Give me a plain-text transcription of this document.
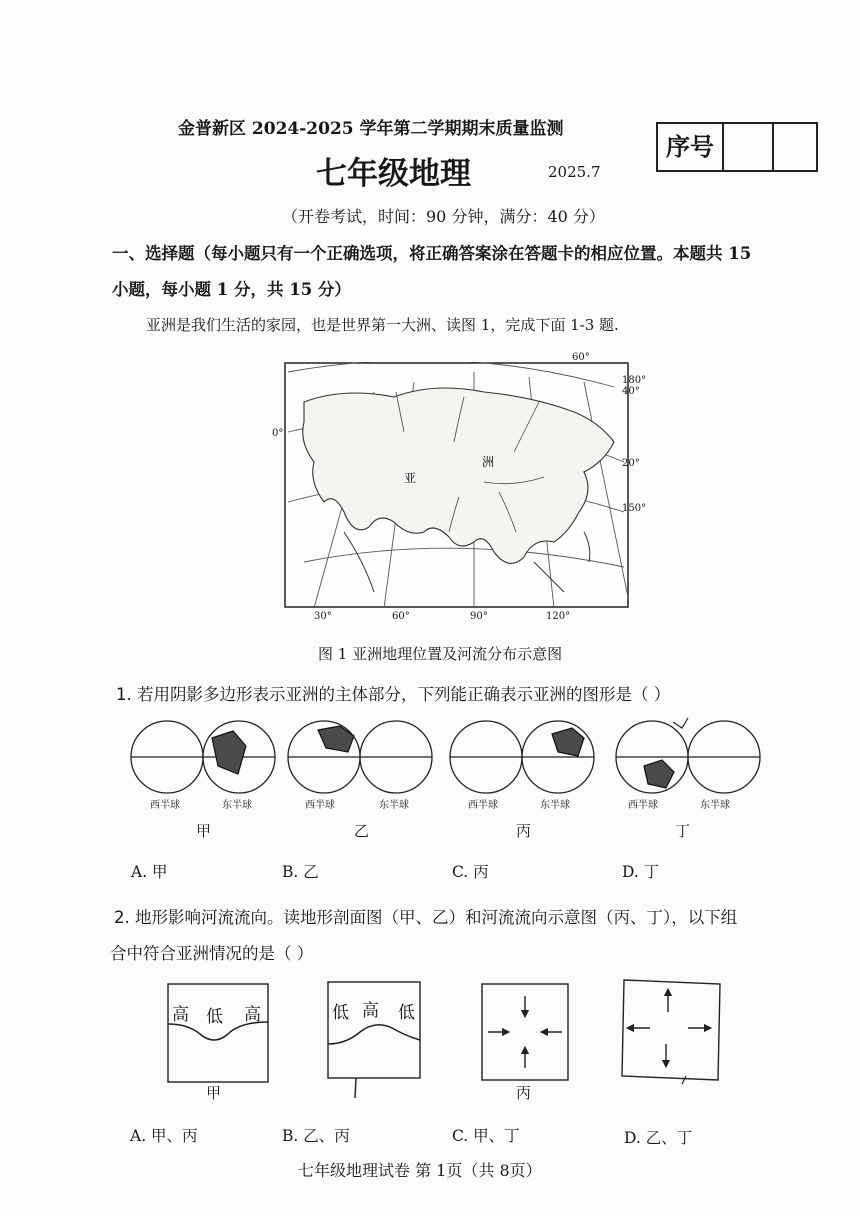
金普新区 2024-2025 学年第二学期期末质量监测
七年级地理	2025.7
（开卷考试，时间：90 分钟，满分：40 分）
序号
一、选择题（每小题只有一个正确选项，将正确答案涂在答题卡的相应位置。本题共 15
小题，每小题 1 分，共 15 分）
亚洲是我们生活的家园，也是世界第一大洲、读图 1，完成下面 1-3 题.
洲
亚
60°
180°
40°
0°
20°
150°
30°	60°	90°	120°
图 1 亚洲地理位置及河流分布示意图
1. 若用阴影多边形表示亚洲的主体部分，下列能正确表示亚洲的图形是（ ）
西半球	东半球	西半球	东半球	西半球	东半球	西半球	东半球
甲	乙	丙	丁
A. 甲	B. 乙	C. 丙	D. 丁
2. 地形影响河流流向。读地形剖面图（甲、乙）和河流流向示意图（丙、丁），以下组
合中符合亚洲情况的是（ ）
高 低 高
甲
低 高 低
丙
A. 甲、丙	B. 乙、丙	C. 甲、丁	D. 乙、丁
七年级地理试卷 第 1页（共 8页）
